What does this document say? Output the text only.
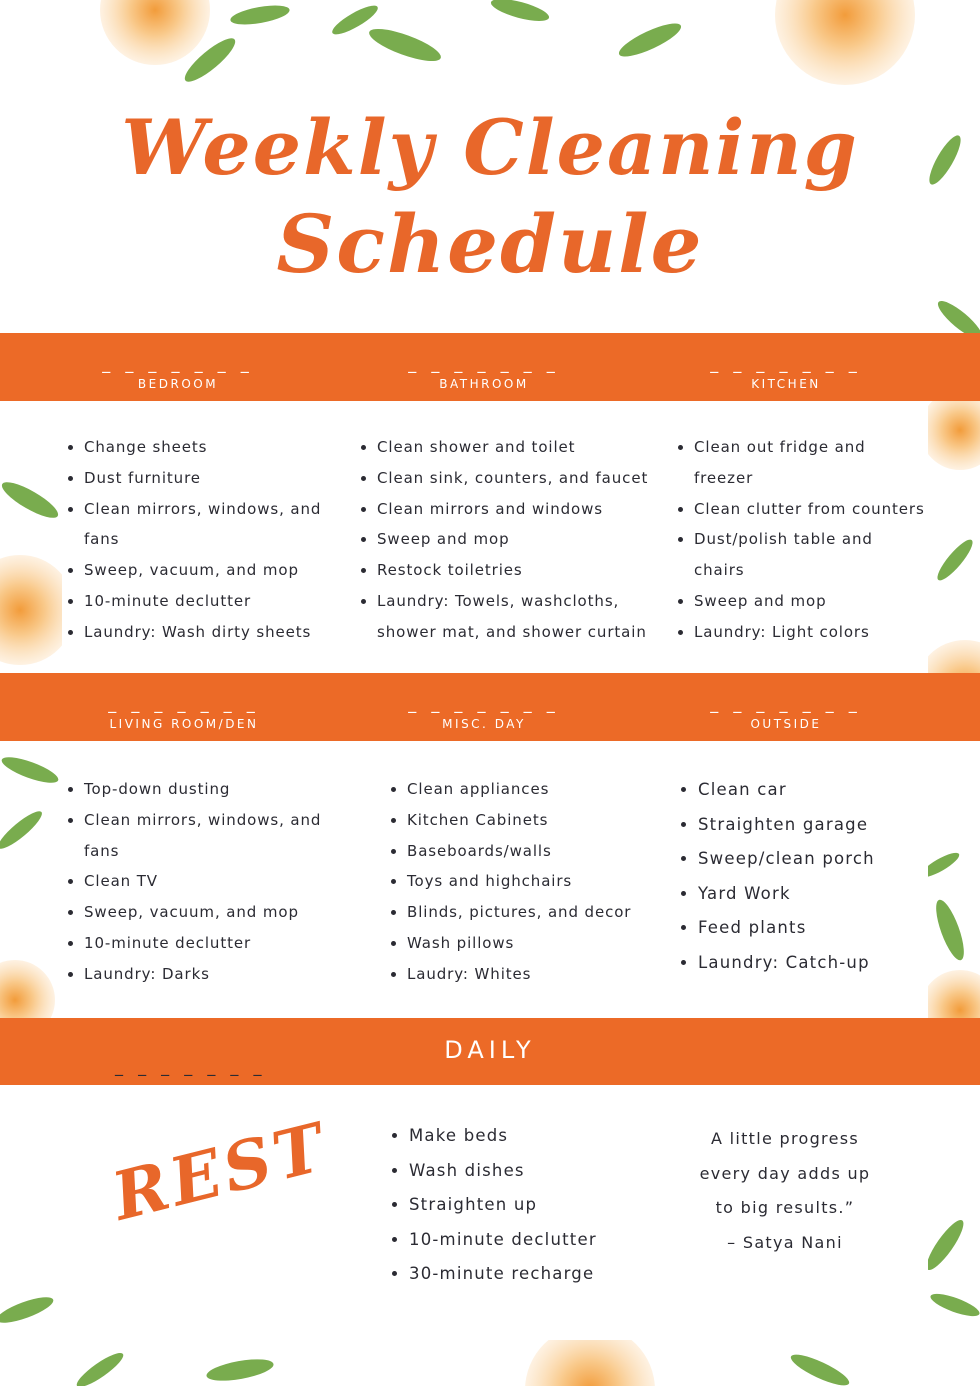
Weekly Cleaning
Schedule
_ _ _ _ _ _ _
BEDROOM
_ _ _ _ _ _ _
BATHROOM
_ _ _ _ _ _ _
KITCHEN
• Change sheets
• Dust furniture
• Clean mirrors, windows, and fans
• Sweep, vacuum, and mop
• 10-minute declutter
• Laundry: Wash dirty sheets
• Clean shower and toilet
• Clean sink, counters, and faucet
• Clean mirrors and windows
• Sweep and mop
• Restock toiletries
• Laundry: Towels, washcloths, shower mat, and shower curtain
• Clean out fridge and freezer
• Clean clutter from counters
• Dust/polish table and chairs
• Sweep and mop
• Laundry: Light colors
_ _ _ _ _ _ _
LIVING ROOM/DEN
_ _ _ _ _ _ _
MISC. DAY
_ _ _ _ _ _ _
OUTSIDE
• Top-down dusting
• Clean mirrors, windows, and fans
• Clean TV
• Sweep, vacuum, and mop
• 10-minute declutter
• Laundry: Darks
• Clean appliances
• Kitchen Cabinets
• Baseboards/walls
• Toys and highchairs
• Blinds, pictures, and decor
• Wash pillows
• Laudry: Whites
• Clean car
• Straighten garage
• Sweep/clean porch
• Yard Work
• Feed plants
• Laundry: Catch-up
DAILY
_ _ _ _ _ _ _
REST
•	Make beds
• Wash dishes
• Straighten up
• 10-minute declutter
• 30-minute recharge
A little progress
every day adds up
to big results.”
– Satya Nani
